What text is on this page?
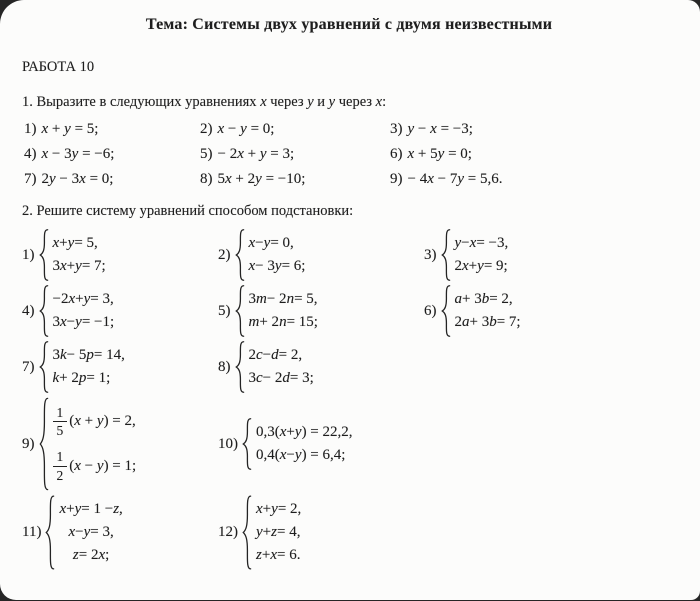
Тема: Системы двух уравнений с двумя неизвестными
РАБОТА 10
1. Выразите в следующих уравнениях x через y и y через x:
1) x + y = 5;	2) x − y = 0;	3) y − x = −3;
4) x − 3y = −6;	5) − 2x + y = 3;	6) x + 5y = 0;
7) 2y − 3x = 0;	8) 5x + 2y = −10;	9) − 4x − 7y = 5,6.
2. Решите систему уравнений способом подстановки:
1)
x + y = 5,
3 x + y = 7;
2)
x − y = 0,
x − 3 y = 6;
3)
y − x = −3,
2 x + y = 9;
4)
−2 x + y = 3,
3 x − y = −1;
5)
3 m − 2 n = 5,
m + 2 n = 15;
6)
a + 3 b = 2,
2 a + 3 b = 7;
7)
3 k − 5 p = 14,
k + 2 p = 1;
8)
2 c − d = 2,
3 c − 2 d = 3;
9)
$\frac{1}{5} (x + y) = 2$,
$\frac{1}{2} (x - y) = 1$;
10)
0,3( x + y ) = 22,2,
0,4( x − y ) = 6,4;
11)
x + y = 1 − z ,
x − y = 3,
z = 2 x ;
12)
x + y = 2,
y + z = 4,
z + x = 6.
